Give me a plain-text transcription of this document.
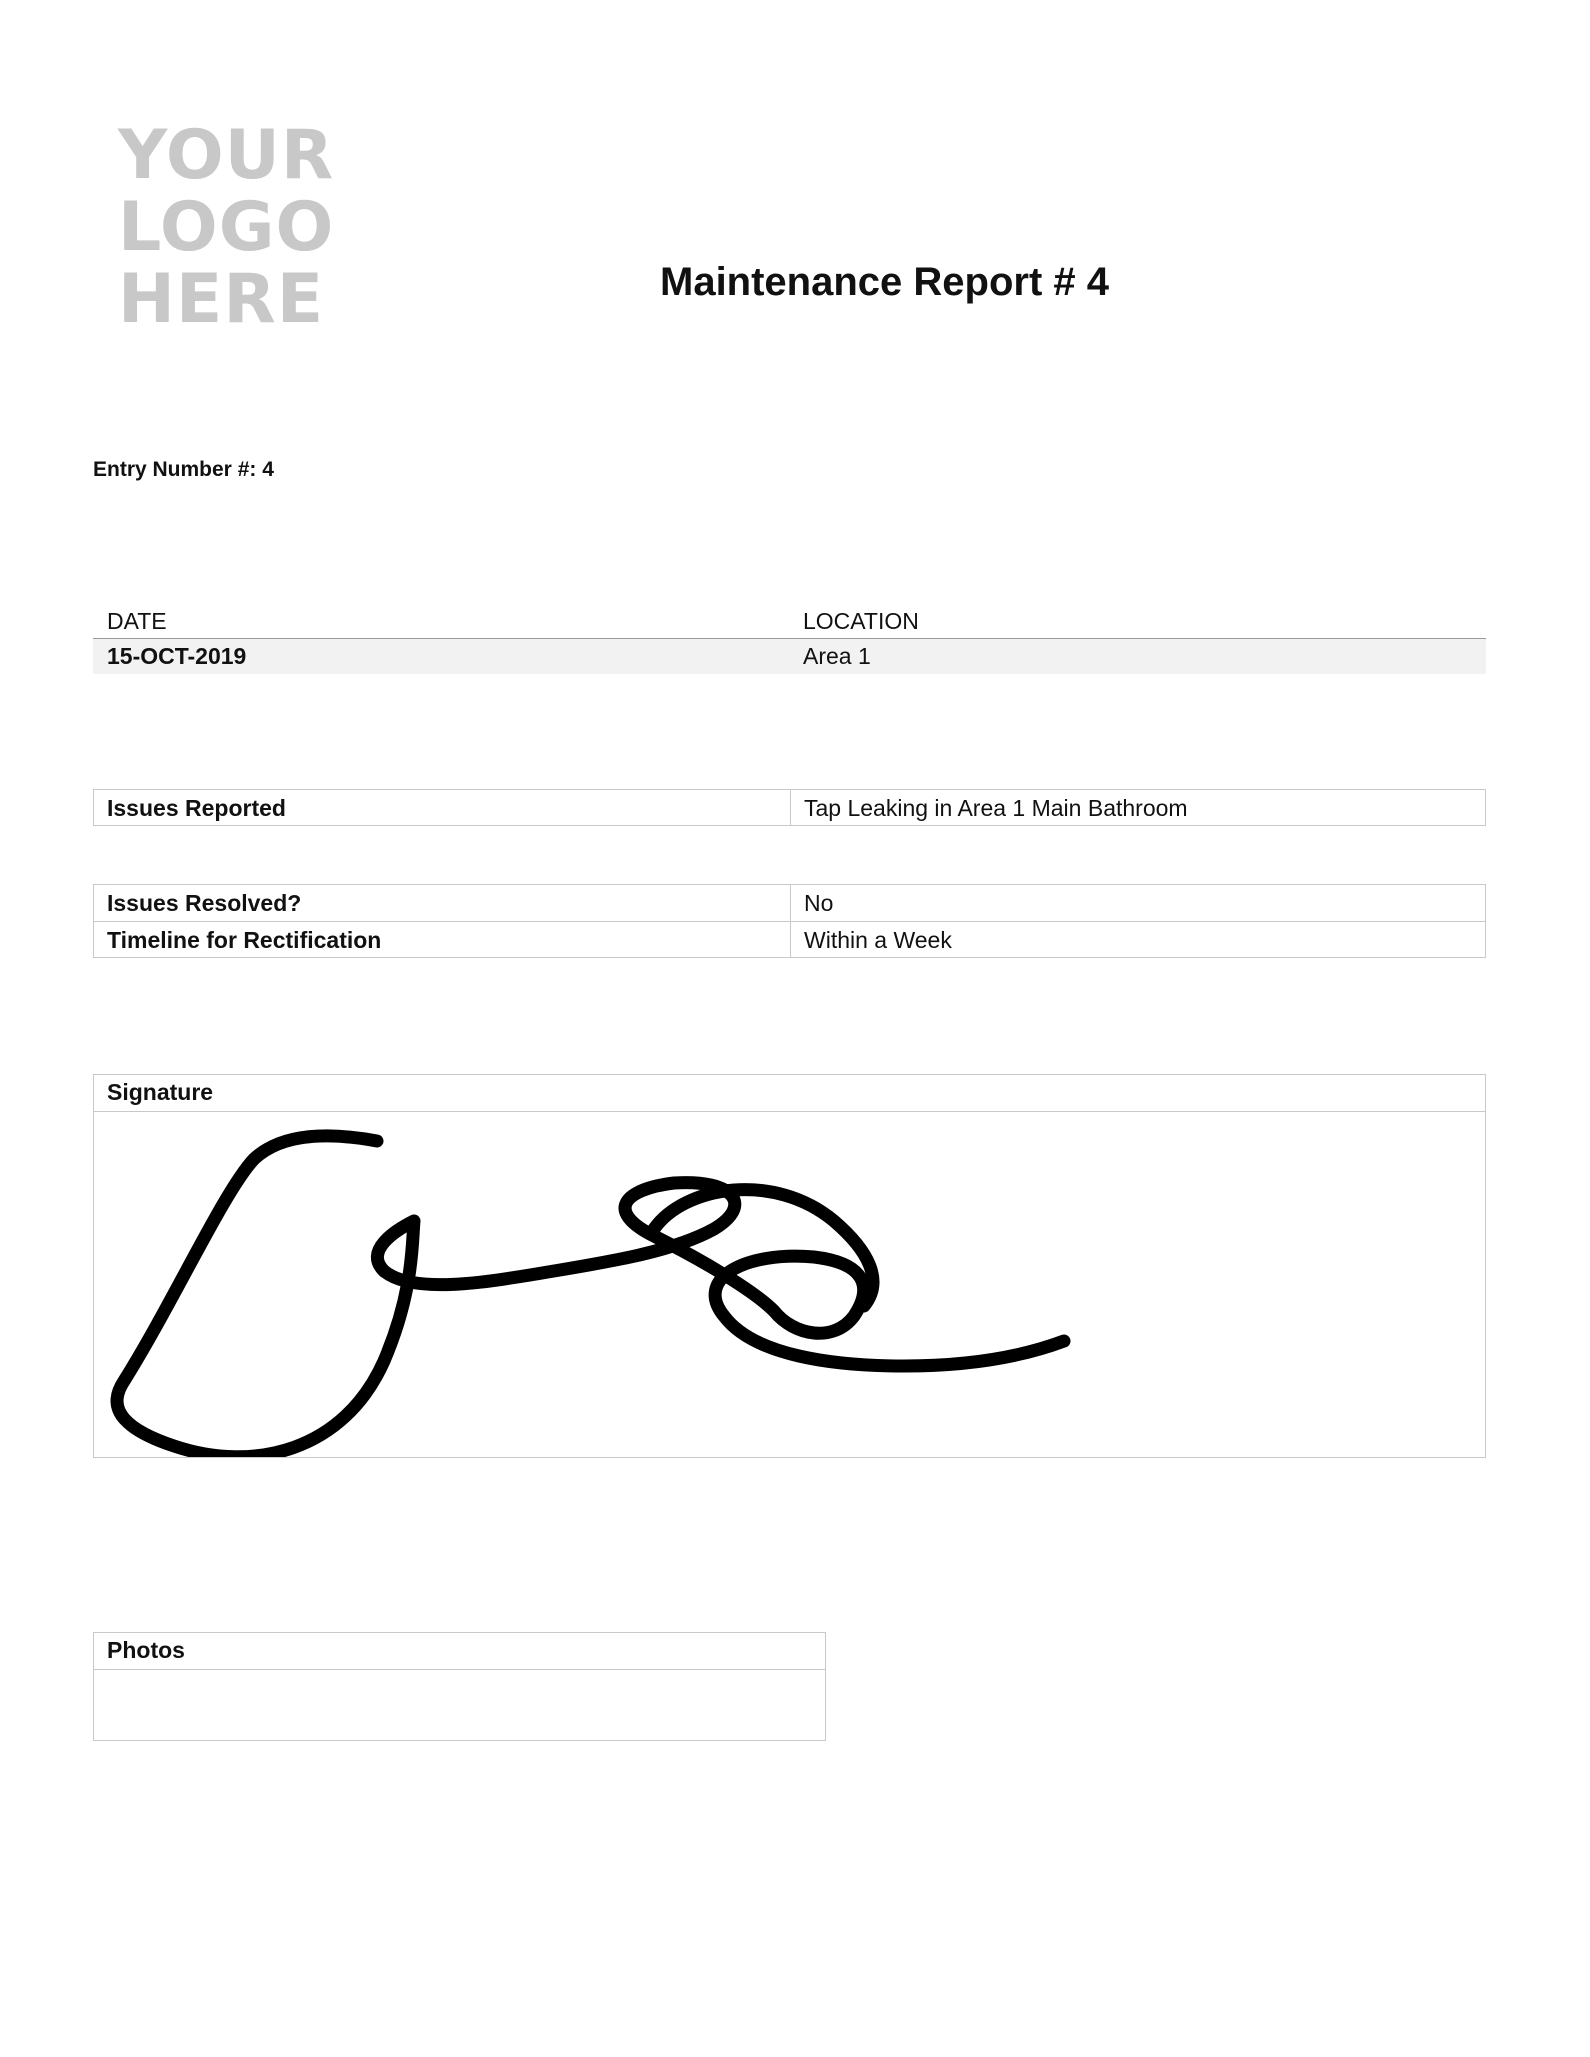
YOUR
LOGO
HERE	Maintenance Report # 4
Entry Number #: 4
DATE	LOCATION
15-OCT-2019	Area 1
Issues Reported	Tap Leaking in Area 1 Main Bathroom
Issues Resolved?	No
Timeline for Rectification	Within a Week
Signature
Photos
